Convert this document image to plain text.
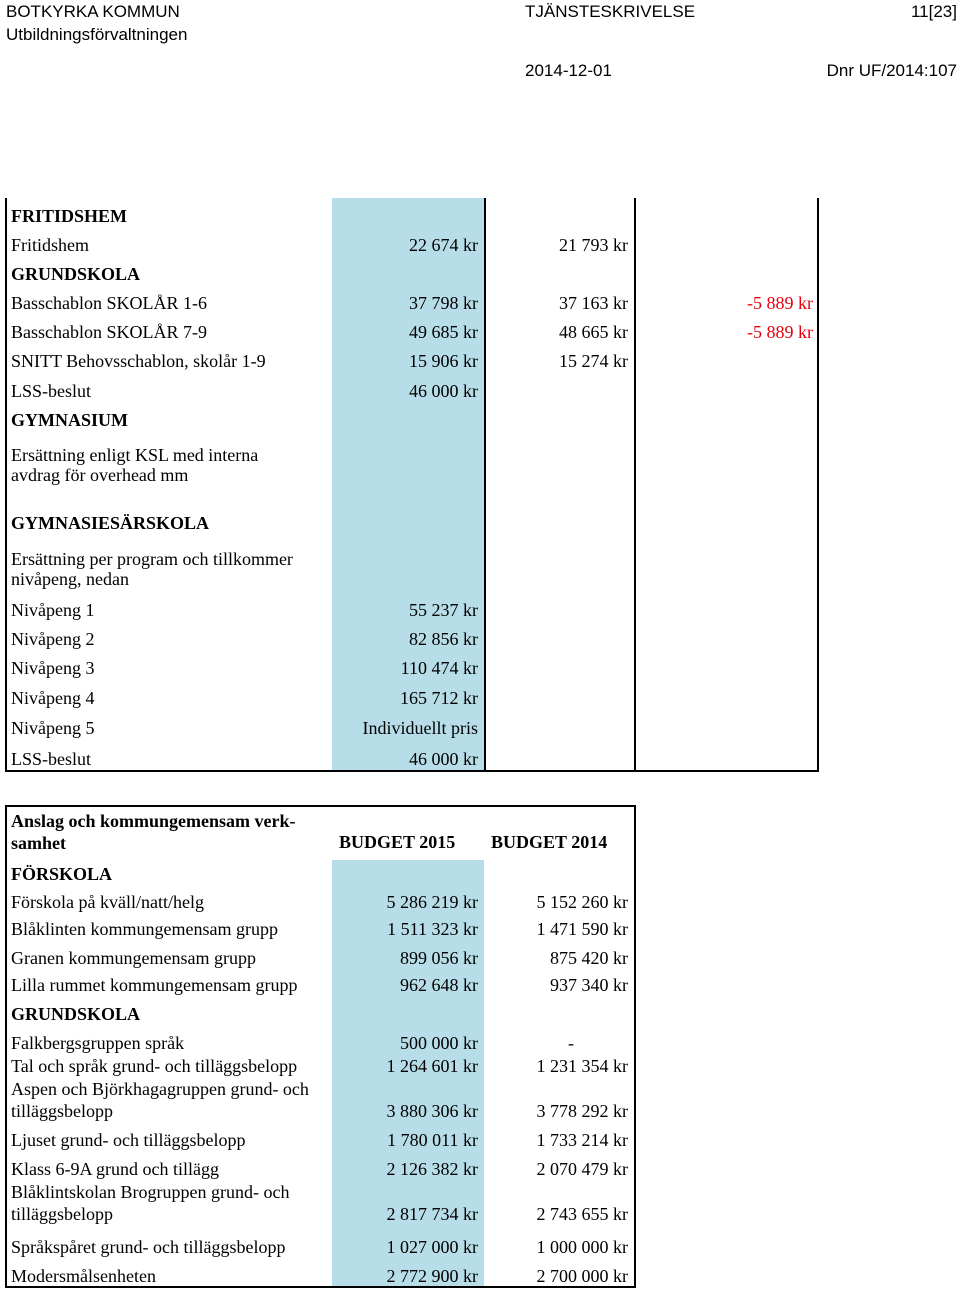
BOTKYRKA KOMMUN
Utbildningsförvaltningen
TJÄNSTESKRIVELSE	11[23]
2014-12-01	Dnr UF/2014:107
FRITIDSHEM
Fritidshem	22 674 kr	21 793 kr
GRUNDSKOLA
Basschablon SKOLÅR 1-6	37 798 kr	37 163 kr	-5 889 kr
Basschablon SKOLÅR 7-9	49 685 kr	48 665 kr	-5 889 kr
SNITT Behovsschablon, skolår 1-9	15 906 kr	15 274 kr
LSS-beslut	46 000 kr
GYMNASIUM
Ersättning enligt KSL med interna avdrag för overhead mm
GYMNASIESÄRSKOLA
Ersättning per program och tillkommer nivåpeng, nedan
Nivåpeng 1	55 237 kr
Nivåpeng 2	82 856 kr
Nivåpeng 3	110 474 kr
Nivåpeng 4	165 712 kr
Nivåpeng 5	Individuellt pris
LSS-beslut	46 000 kr
Anslag och kommungemensam verk-
samhet	BUDGET 2015 BUDGET 2014
FÖRSKOLA
Förskola på kväll/natt/helg	5 286 219 kr	5 152 260 kr
Blåklinten kommungemensam grupp	1 511 323 kr	1 471 590 kr
Granen kommungemensam grupp	899 056 kr	875 420 kr
Lilla rummet kommungemensam grupp	962 648 kr	937 340 kr
GRUNDSKOLA
Falkbergsgruppen språk	500 000 kr	-
Tal och språk grund- och tilläggsbelopp	1 264 601 kr	1 231 354 kr
Aspen och Björkhagagruppen grund- och tilläggsbelopp	3 880 306 kr	3 778 292 kr
Ljuset grund- och tilläggsbelopp	1 780 011 kr	1 733 214 kr
Klass 6-9A grund och tillägg	2 126 382 kr	2 070 479 kr
Blåklintskolan Brogruppen grund- och tilläggsbelopp	2 817 734 kr	2 743 655 kr
Språkspåret grund- och tilläggsbelopp	1 027 000 kr	1 000 000 kr
Modersmålsenheten	2 772 900 kr	2 700 000 kr
